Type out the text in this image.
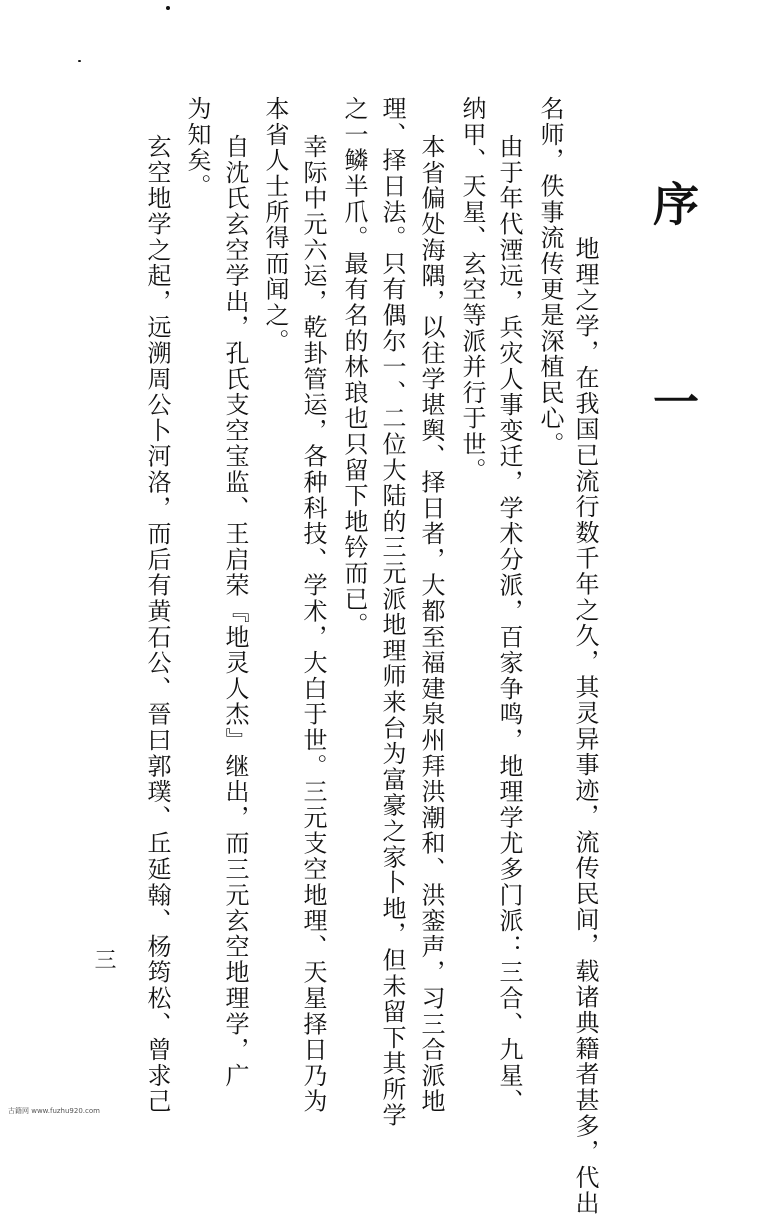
序 一
地理之学，在我国已流行数千年之久，其灵异事迹，流传民间，载诸典籍者甚多，代出
名师，佚事流传更是深植民心。
由于年代湮远，兵灾人事变迁，学术分派，百家争鸣，地理学尤多门派：三合、九星、
纳甲、天星、玄空等派并行于世。
本省偏处海隅，以往学堪舆、择日者，大都至福建泉州拜洪潮和、洪銮声，习三合派地
理、择日法。只有偶尔一、二位大陆的三元派地理师来台为富豪之家卜地，但未留下其所学
之一鳞半爪。最有名的林琅也只留下地钤而已。
幸际中元六运，乾卦管运，各种科技、学术，大白于世。三元支空地理、天星择日乃为
本省人士所得而闻之。
自沈氏玄空学出，孔氏支空宝监、王启荣『地灵人杰』继出，而三元玄空地理学，广
为知矣。
玄空地学之起，远溯周公卜河洛，而后有黄石公、晉曰郭璞、丘延翰、杨筠松、曾求己
三
古籍网 www.fuzhu920.com
